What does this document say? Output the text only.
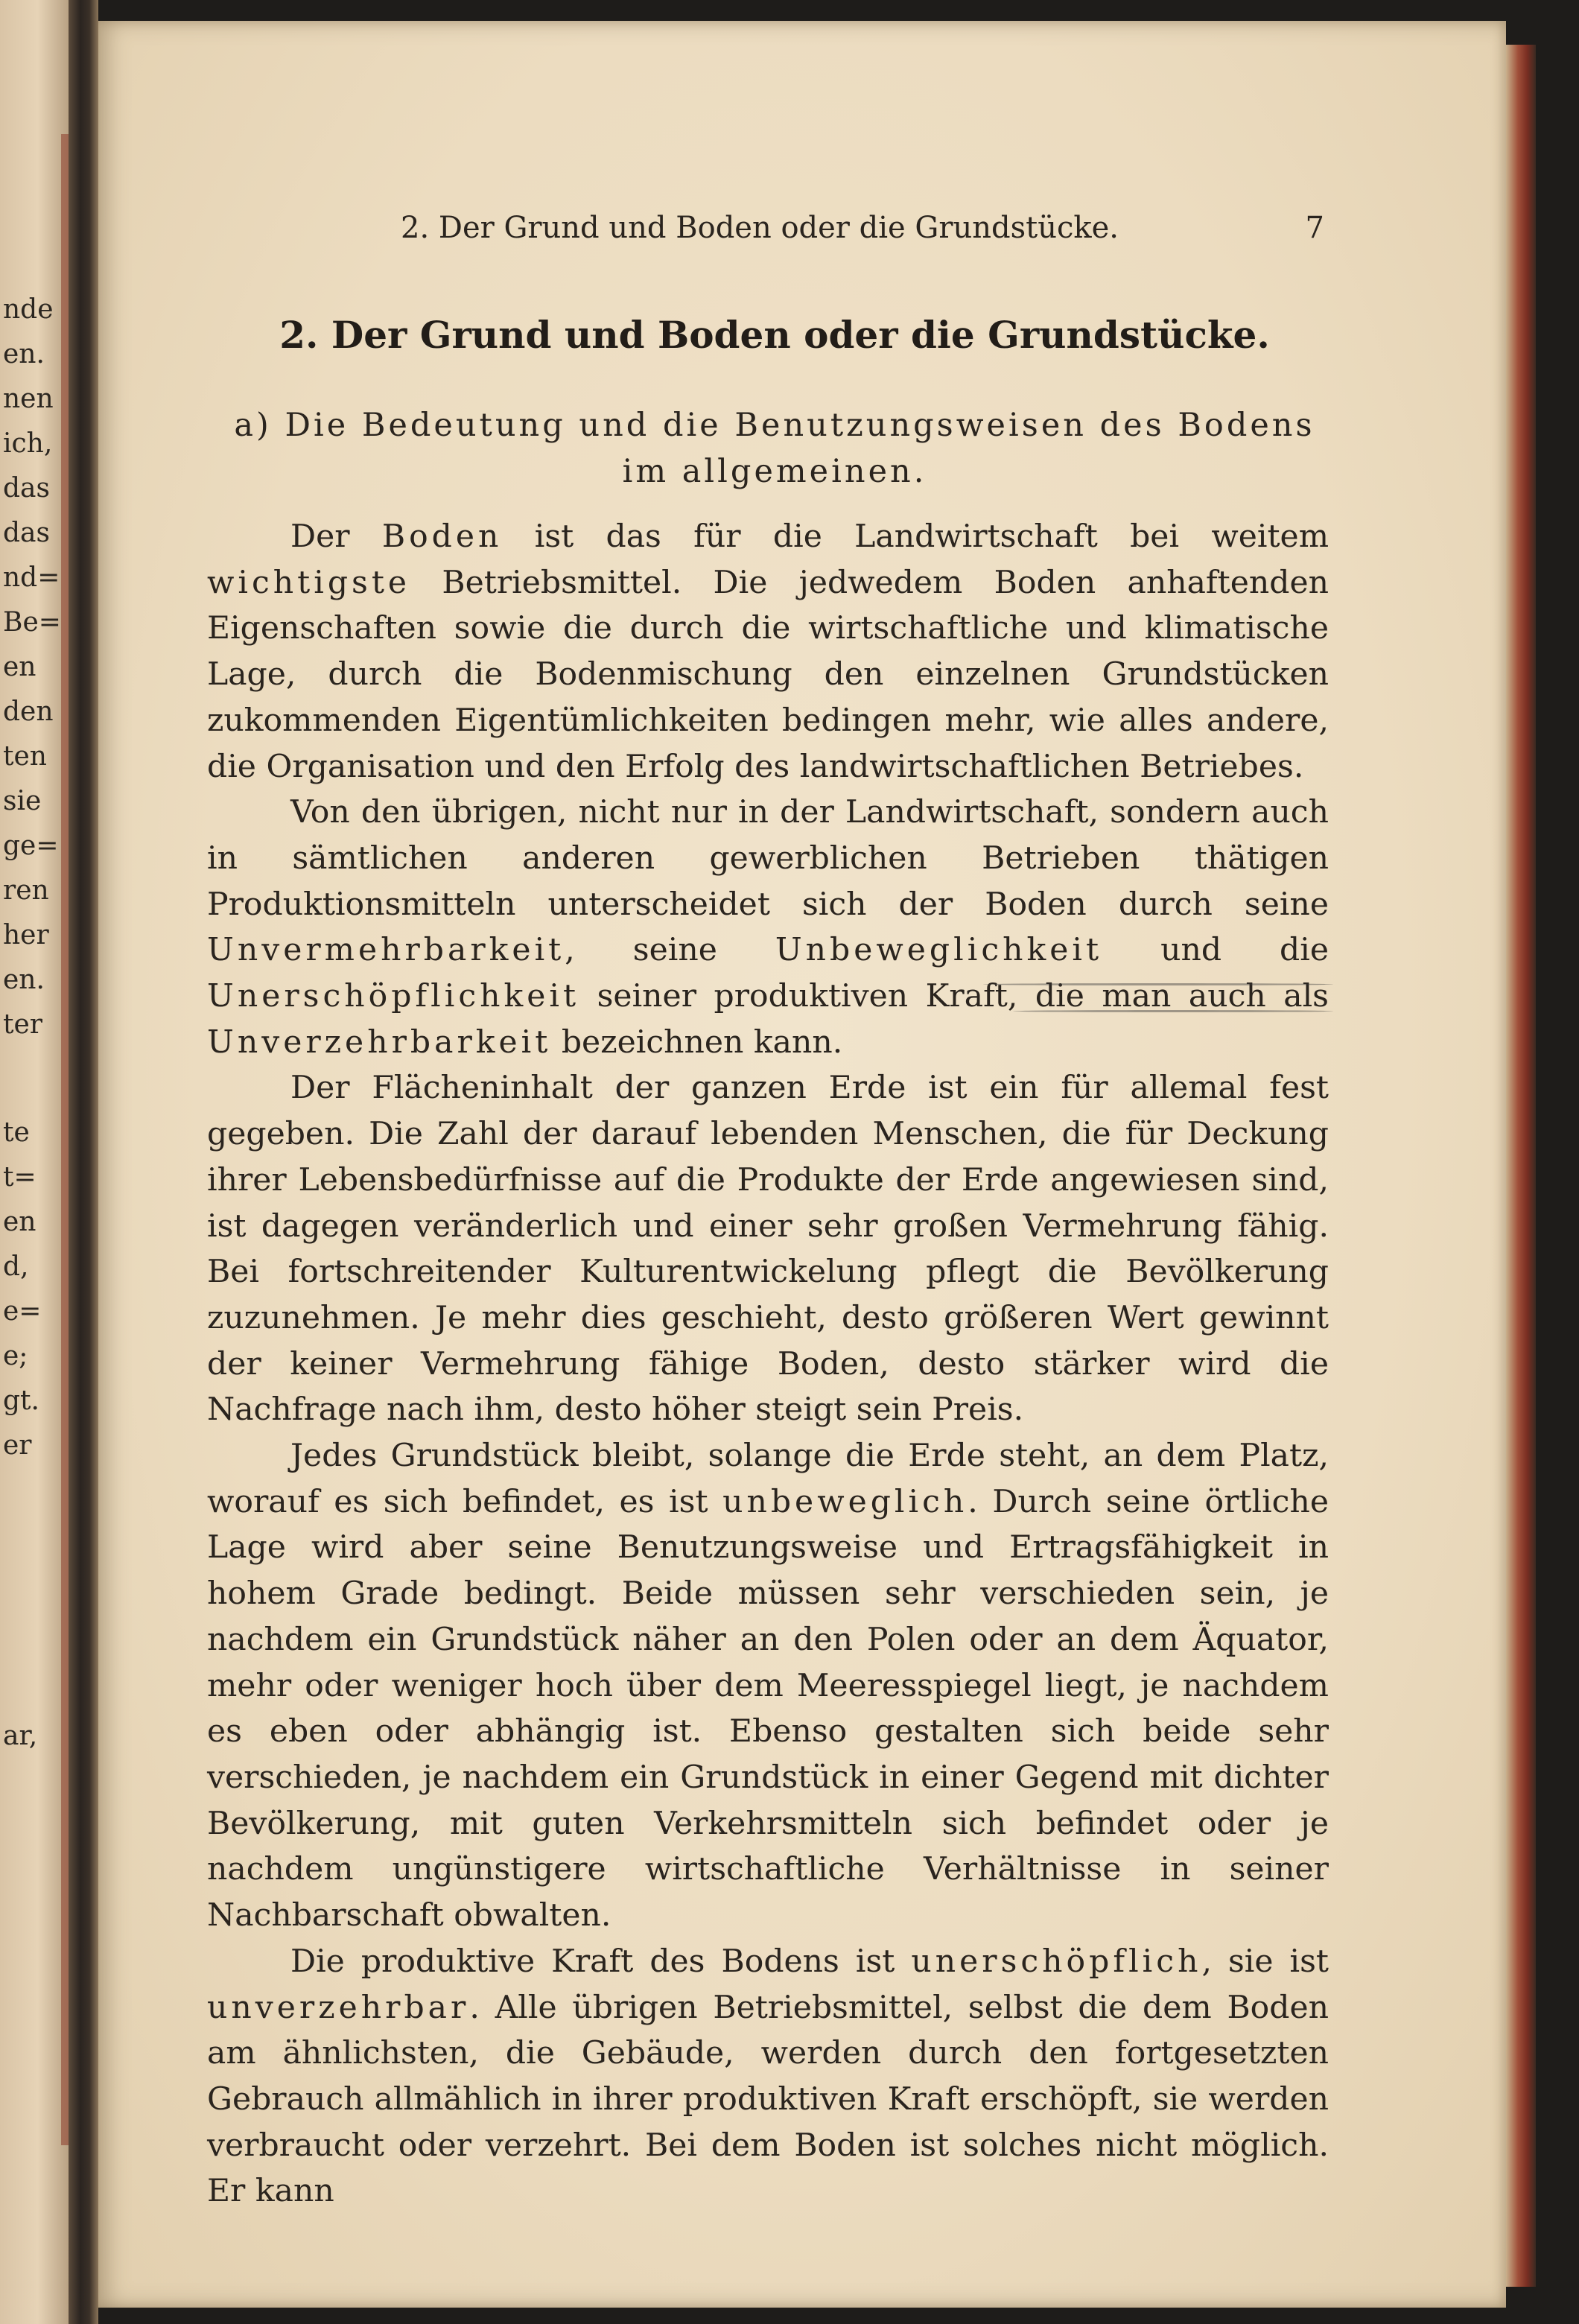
nde
en.
nen
ich,
das
das
nd=
Be=
en
den
ten
sie
ge=
ren
her
en.
ter
te
t=
en
d,
e=
e;
gt.
er
ar,
2. Der Grund und Boden oder die Grundstücke.	7
2. Der Grund und Boden oder die Grundstücke.
a) Die Bedeutung und die Benutzungsweisen des Bodens
im allgemeinen.

Der Boden ist das für die Landwirtschaft bei weitem wichtigste Betriebsmittel. Die jedwedem Boden anhaftenden Eigenschaften sowie die durch die wirtschaftliche und klimatische Lage, durch die Bodenmischung den einzelnen Grundstücken zukommenden Eigentümlichkeiten bedingen mehr, wie alles andere, die Organisation und den Erfolg des landwirtschaftlichen Betriebes.

Von den übrigen, nicht nur in der Landwirtschaft, sondern auch in sämtlichen anderen gewerblichen Betrieben thätigen Produktionsmitteln unterscheidet sich der Boden durch seine Unvermehrbarkeit, seine Unbeweglichkeit und die Unerschöpflichkeit seiner produktiven Kraft, die man auch als Unverzehrbarkeit bezeichnen kann.

Der Flächeninhalt der ganzen Erde ist ein für allemal fest gegeben. Die Zahl der darauf lebenden Menschen, die für Deckung ihrer Lebensbedürfnisse auf die Produkte der Erde angewiesen sind, ist dagegen veränderlich und einer sehr großen Vermehrung fähig. Bei fortschreitender Kulturentwickelung pflegt die Bevölkerung zuzunehmen. Je mehr dies geschieht, desto größeren Wert gewinnt der keiner Vermehrung fähige Boden, desto stärker wird die Nachfrage nach ihm, desto höher steigt sein Preis.

Jedes Grundstück bleibt, solange die Erde steht, an dem Platz, worauf es sich befindet, es ist unbeweglich. Durch seine örtliche Lage wird aber seine Benutzungsweise und Ertragsfähigkeit in hohem Grade bedingt. Beide müssen sehr verschieden sein, je nachdem ein Grundstück näher an den Polen oder an dem Äquator, mehr oder weniger hoch über dem Meeresspiegel liegt, je nachdem es eben oder abhängig ist. Ebenso gestalten sich beide sehr verschieden, je nachdem ein Grundstück in einer Gegend mit dichter Bevölkerung, mit guten Verkehrsmitteln sich befindet oder je nachdem ungünstigere wirtschaftliche Verhältnisse in seiner Nachbarschaft obwalten.

Die produktive Kraft des Bodens ist unerschöpflich, sie ist unverzehrbar. Alle übrigen Betriebsmittel, selbst die dem Boden am ähnlichsten, die Gebäude, werden durch den fortgesetzten Gebrauch allmählich in ihrer produktiven Kraft erschöpft, sie werden verbraucht oder verzehrt. Bei dem Boden ist solches nicht möglich. Er kann
